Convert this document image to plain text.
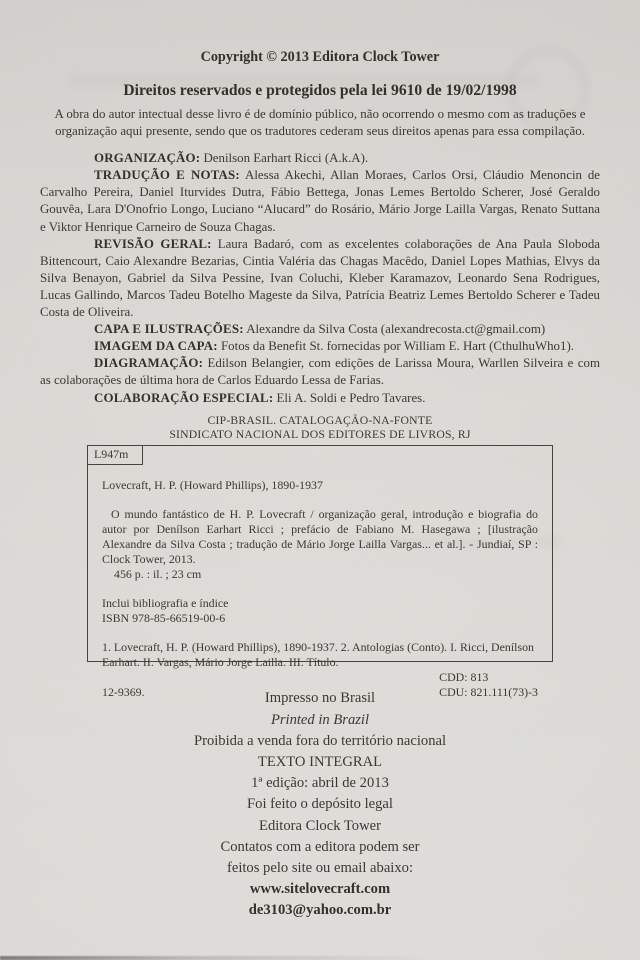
Copyright © 2013 Editora Clock Tower

Direitos reservados e protegidos pela lei 9610 de 19/02/1998

A obra do autor intectual desse livro é de domínio público, não ocorrendo o mesmo com as traduções e organização aqui presente, sendo que os tradutores cederam seus direitos apenas para essa compilação.

ORGANIZAÇÃO: Denilson Earhart Ricci (A.k.A).

TRADUÇÃO E NOTAS: Alessa Akechi, Allan Moraes, Carlos Orsi, Cláudio Menoncin de Carvalho Pereira, Daniel Iturvides Dutra, Fábio Bettega, Jonas Lemes Bertoldo Scherer, José Geraldo Gouvêa, Lara D'Onofrio Longo, Luciano “Alucard” do Rosário, Mário Jorge Lailla Vargas, Renato Suttana e Viktor Henrique Carneiro de Souza Chagas.

REVISÃO GERAL: Laura Badaró, com as excelentes colaborações de Ana Paula Sloboda Bittencourt, Caio Alexandre Bezarias, Cintia Valéria das Chagas Macêdo, Daniel Lopes Mathias, Elvys da Silva Benayon, Gabriel da Silva Pessine, Ivan Coluchi, Kleber Karamazov, Leonardo Sena Rodrigues, Lucas Gallindo, Marcos Tadeu Botelho Mageste da Silva, Patrícia Beatriz Lemes Bertoldo Scherer e Tadeu Costa de Oliveira.

CAPA E ILUSTRAÇÕES: Alexandre da Silva Costa (alexandrecosta.ct@gmail.com)

IMAGEM DA CAPA: Fotos da Benefit St. fornecidas por William E. Hart (CthulhuWho1).

DIAGRAMAÇÃO: Edilson Belangier, com edições de Larissa Moura, Warllen Silveira e com as colaborações de última hora de Carlos Eduardo Lessa de Farias.

COLABORAÇÃO ESPECIAL: Eli A. Soldi e Pedro Tavares.

CIP-BRASIL. CATALOGAÇÃO-NA-FONTE
SINDICATO NACIONAL DOS EDITORES DE LIVROS, RJ
L947m

Lovecraft, H. P. (Howard Phillips), 1890-1937

O mundo fantástico de H. P. Lovecraft / organização geral, introdução e biografia do autor por Denílson Earhart Ricci ; prefácio de Fabiano M. Hasegawa ; [ilustração Alexandre da Silva Costa ; tradução de Mário Jorge Lailla Vargas... et al.]. - Jundiaí, SP : Clock Tower, 2013.

456 p. : il. ; 23 cm

Inclui bibliografia e índice

ISBN 978-85-66519-00-6

1. Lovecraft, H. P. (Howard Phillips), 1890-1937. 2. Antologias (Conto). I. Ricci, Denílson Earhart. II. Vargas, Mário Jorge Lailla. III. Título.

12-9369.
CDD: 813
CDU: 821.111(73)-3
Impresso no Brasil
Printed in Brazil
Proibida a venda fora do território nacional
TEXTO INTEGRAL
1ª edição: abril de 2013
Foi feito o depósito legal
Editora Clock Tower
Contatos com a editora podem ser
feitos pelo site ou email abaixo:
www.sitelovecraft.com
de3103@yahoo.com.br
